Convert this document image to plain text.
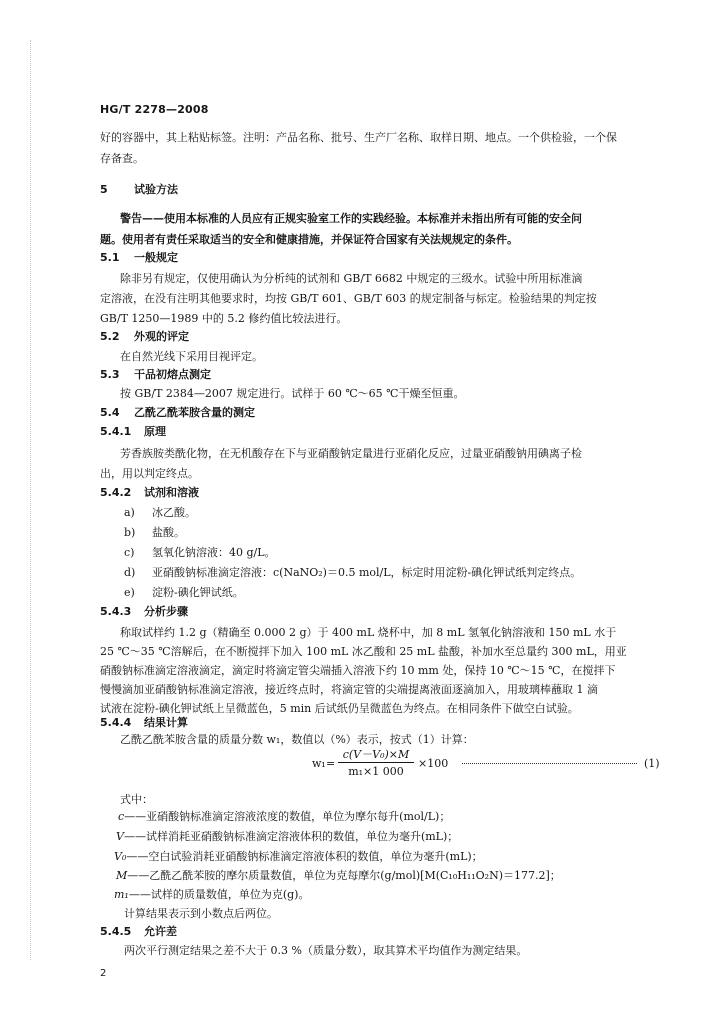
HG/T 2278—2008
好的容器中，其上粘贴标签。注明：产品名称、批号、生产厂名称、取样日期、地点。一个供检验，一个保
存备查。
5 试验方法
警告——使用本标准的人员应有正规实验室工作的实践经验。本标准并未指出所有可能的安全问
题。使用者有责任采取适当的安全和健康措施，并保证符合国家有关法规规定的条件。
5.1 一般规定
除非另有规定，仅使用确认为分析纯的试剂和 GB/T 6682 中规定的三级水。试验中所用标准滴
定溶液，在没有注明其他要求时，均按 GB/T 601、GB/T 603 的规定制备与标定。检验结果的判定按
GB/T 1250—1989 中的 5.2 修约值比较法进行。
5.2 外观的评定
在自然光线下采用目视评定。
5.3 干品初熔点测定
按 GB/T 2384—2007 规定进行。试样于 60 ℃～65 ℃干燥至恒重。
5.4 乙酰乙酰苯胺含量的测定
5.4.1 原理
芳香族胺类酰化物，在无机酸存在下与亚硝酸钠定量进行亚硝化反应，过量亚硝酸钠用碘离子检
出，用以判定终点。
5.4.2 试剂和溶液
a) 冰乙酸。
b) 盐酸。
c) 氢氧化钠溶液：40 g/L。
d) 亚硝酸钠标准滴定溶液：c(NaNO₂)＝0.5 mol/L，标定时用淀粉-碘化钾试纸判定终点。
e) 淀粉-碘化钾试纸。
5.4.3 分析步骤
称取试样约 1.2 g（精确至 0.000 2 g）于 400 mL 烧杯中，加 8 mL 氢氧化钠溶液和 150 mL 水于
25 ℃～35 ℃溶解后，在不断搅拌下加入 100 mL 冰乙酸和 25 mL 盐酸，补加水至总量约 300 mL，用亚
硝酸钠标准滴定溶液滴定，滴定时将滴定管尖端插入溶液下约 10 mm 处，保持 10 ℃～15 ℃，在搅拌下
慢慢滴加亚硝酸钠标准滴定溶液，接近终点时，将滴定管的尖端提离液面逐滴加入，用玻璃棒蘸取 1 滴
试液在淀粉-碘化钾试纸上呈微蓝色，5 min 后试纸仍呈微蓝色为终点。在相同条件下做空白试验。
5.4.4 结果计算
乙酰乙酰苯胺含量的质量分数 w₁，数值以（%）表示，按式（1）计算：
w₁ =
c(V－V₀)×M
m₁×1 000
×100	(1)
式中：
c——亚硝酸钠标准滴定溶液浓度的数值，单位为摩尔每升(mol/L)；
V——试样消耗亚硝酸钠标准滴定溶液体积的数值，单位为毫升(mL)；
V₀——空白试验消耗亚硝酸钠标准滴定溶液体积的数值，单位为毫升(mL)；
M——乙酰乙酰苯胺的摩尔质量数值，单位为克每摩尔(g/mol)[M(C₁₀H₁₁O₂N)＝177.2]；
m₁——试样的质量数值，单位为克(g)。
计算结果表示到小数点后两位。
5.4.5 允许差
两次平行测定结果之差不大于 0.3 %（质量分数），取其算术平均值作为测定结果。
2
